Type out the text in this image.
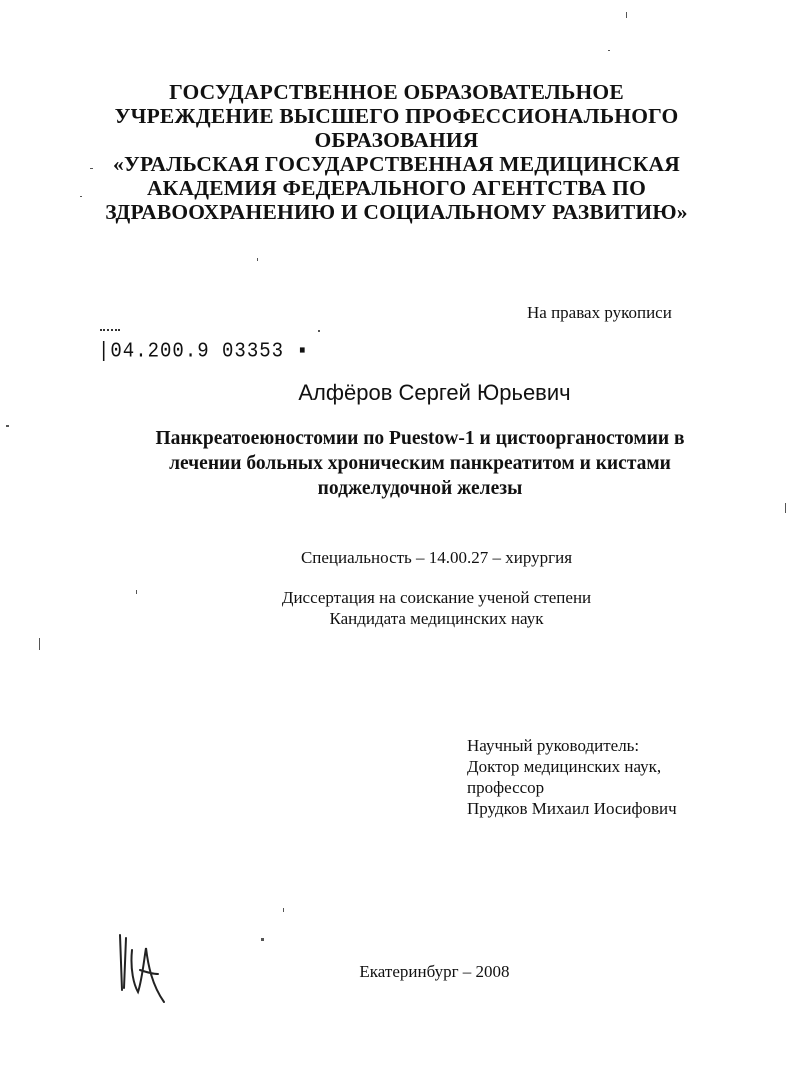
ГОСУДАРСТВЕННОЕ ОБРАЗОВАТЕЛЬНОЕ
УЧРЕЖДЕНИЕ ВЫСШЕГО ПРОФЕССИОНАЛЬНОГО
ОБРАЗОВАНИЯ
«УРАЛЬСКАЯ ГОСУДАРСТВЕННАЯ МЕДИЦИНСКАЯ
АКАДЕМИЯ ФЕДЕРАЛЬНОГО АГЕНТСТВА ПО
ЗДРАВООХРАНЕНИЮ И СОЦИАЛЬНОМУ РАЗВИТИЮ»
На правах рукописи
|04.200.9 03353 ▪
Алфёров Сергей Юрьевич
Панкреатоеюностомии по Puestow-1 и цистоорганостомии в
лечении больных хроническим панкреатитом и кистами
поджелудочной железы
Специальность – 14.00.27 – хирургия
Диссертация на соискание ученой степени
Кандидата медицинских наук
Научный руководитель:
Доктор медицинских наук,
профессор
Прудков Михаил Иосифович
Екатеринбург – 2008
